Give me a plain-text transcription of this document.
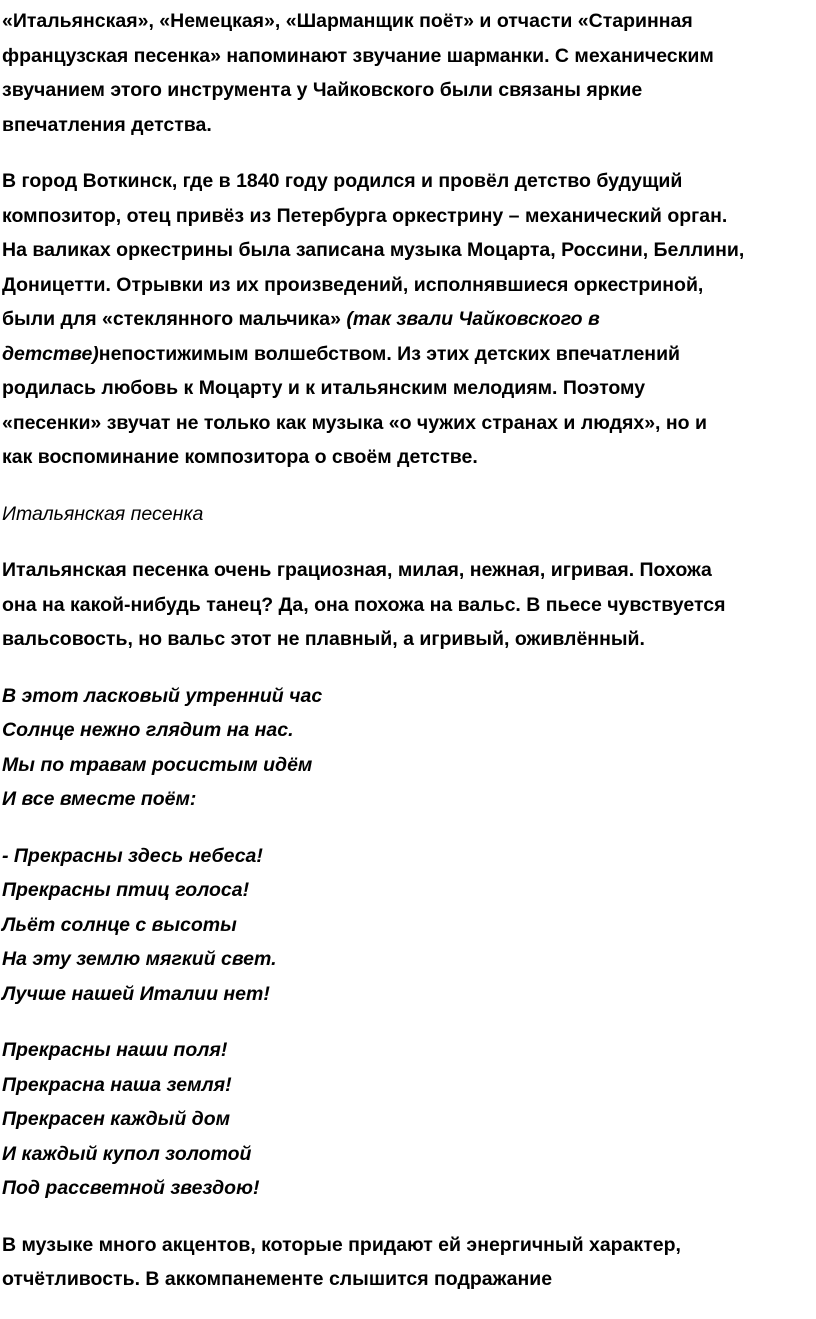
«Итальянская», «Немецкая», «Шарманщик поёт» и отчасти «Старинная
французская песенка» напоминают звучание шарманки. С механическим
звучанием этого инструмента у Чайковского были связаны яркие
впечатления детства.
В город Воткинск, где в 1840 году родился и провёл детство будущий
композитор, отец привёз из Петербурга оркестрину – механический орган.
На валиках оркестрины была записана музыка Моцарта, Россини, Беллини,
Доницетти. Отрывки из их произведений, исполнявшиеся оркестриной,
были для «стеклянного мальчика» (так звали Чайковского в
детстве)непостижимым волшебством. Из этих детских впечатлений
родилась любовь к Моцарту и к итальянским мелодиям. Поэтому
«песенки» звучат не только как музыка «о чужих странах и людях», но и
как воспоминание композитора о своём детстве.
Итальянская песенка
Итальянская песенка очень грациозная, милая, нежная, игривая. Похожа
она на какой-нибудь танец? Да, она похожа на вальс. В пьесе чувствуется
вальсовость, но вальс этот не плавный, а игривый, оживлённый.
В этот ласковый утренний час
Солнце нежно глядит на нас.
Мы по травам росистым идём
И все вместе поём:
- Прекрасны здесь небеса!
Прекрасны птиц голоса!
Льёт солнце с высоты
На эту землю мягкий свет.
Лучше нашей Италии нет!
Прекрасны наши поля!
Прекрасна наша земля!
Прекрасен каждый дом
И каждый купол золотой
Под рассветной звездою!
В музыке много акцентов, которые придают ей энергичный характер,
отчётливость. В аккомпанементе слышится подражание
